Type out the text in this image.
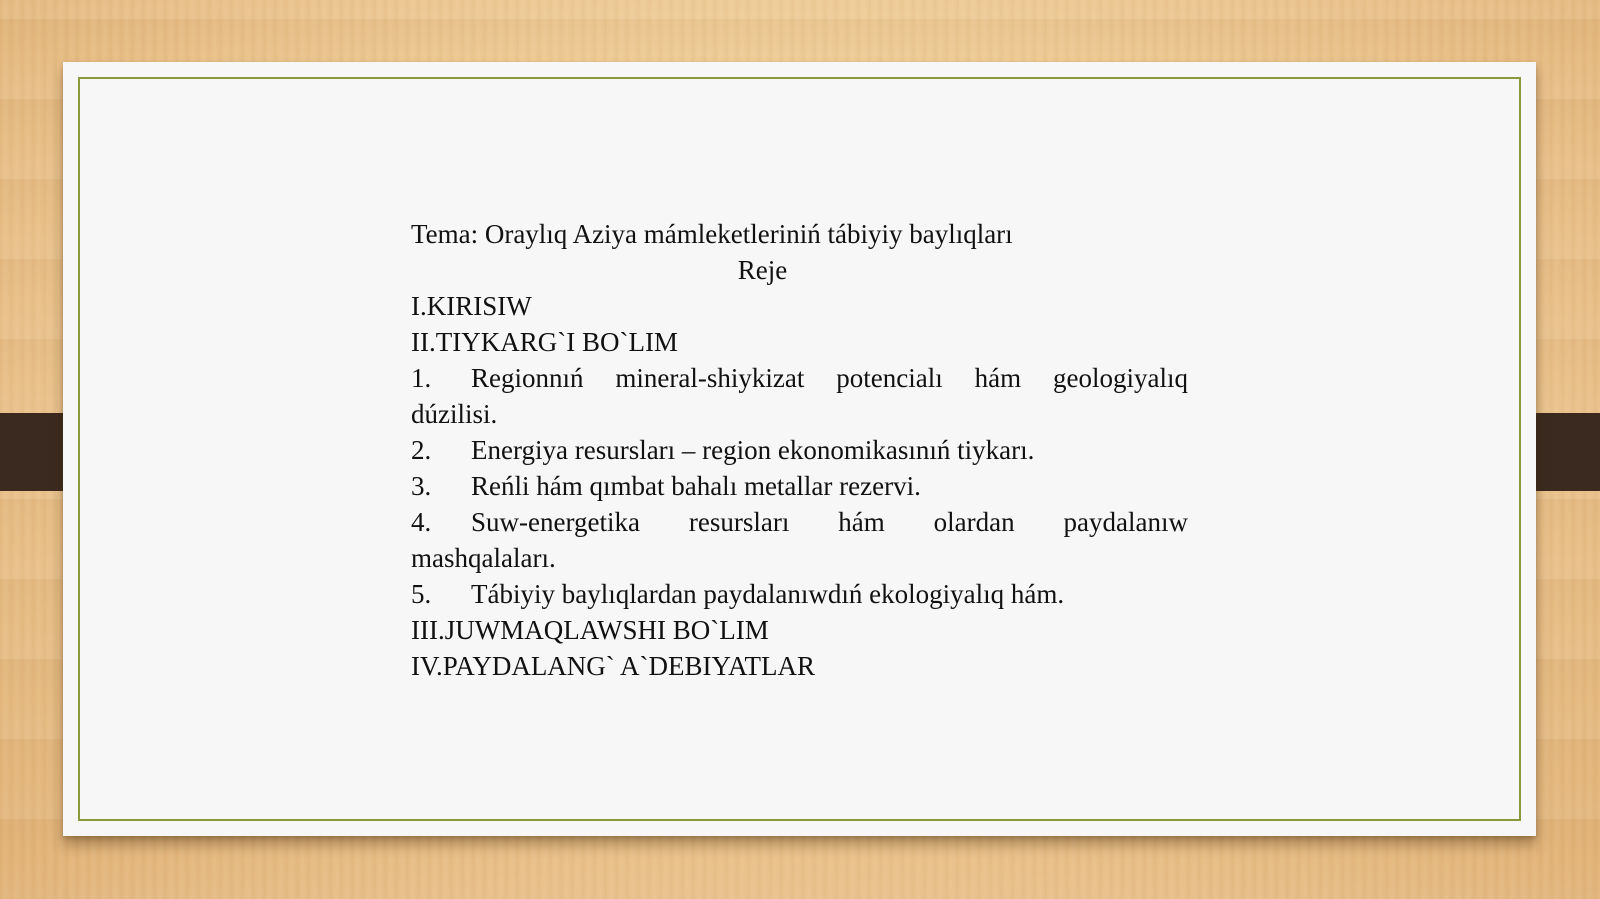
Tema: Oraylıq Aziya mámleketleriniń tábiyiy baylıqları
Reje
I.KIRISIW
II.TIYKARG`I BO`LIM
1.	Regionnıń mineral-shiykizat potencialı hám geologiyalıq
dúzilisi.
2.	Energiya resursları – region ekonomikasınıń tiykarı.
3.	Reńli hám qımbat bahalı metallar rezervi.
4.	Suw-energetika resursları hám olardan paydalanıw
mashqalaları.
5.	Tábiyiy baylıqlardan paydalanıwdıń ekologiyalıq hám.
III.JUWMAQLAWSHI BO`LIM
IV.PAYDALANG` A`DEBIYATLAR
